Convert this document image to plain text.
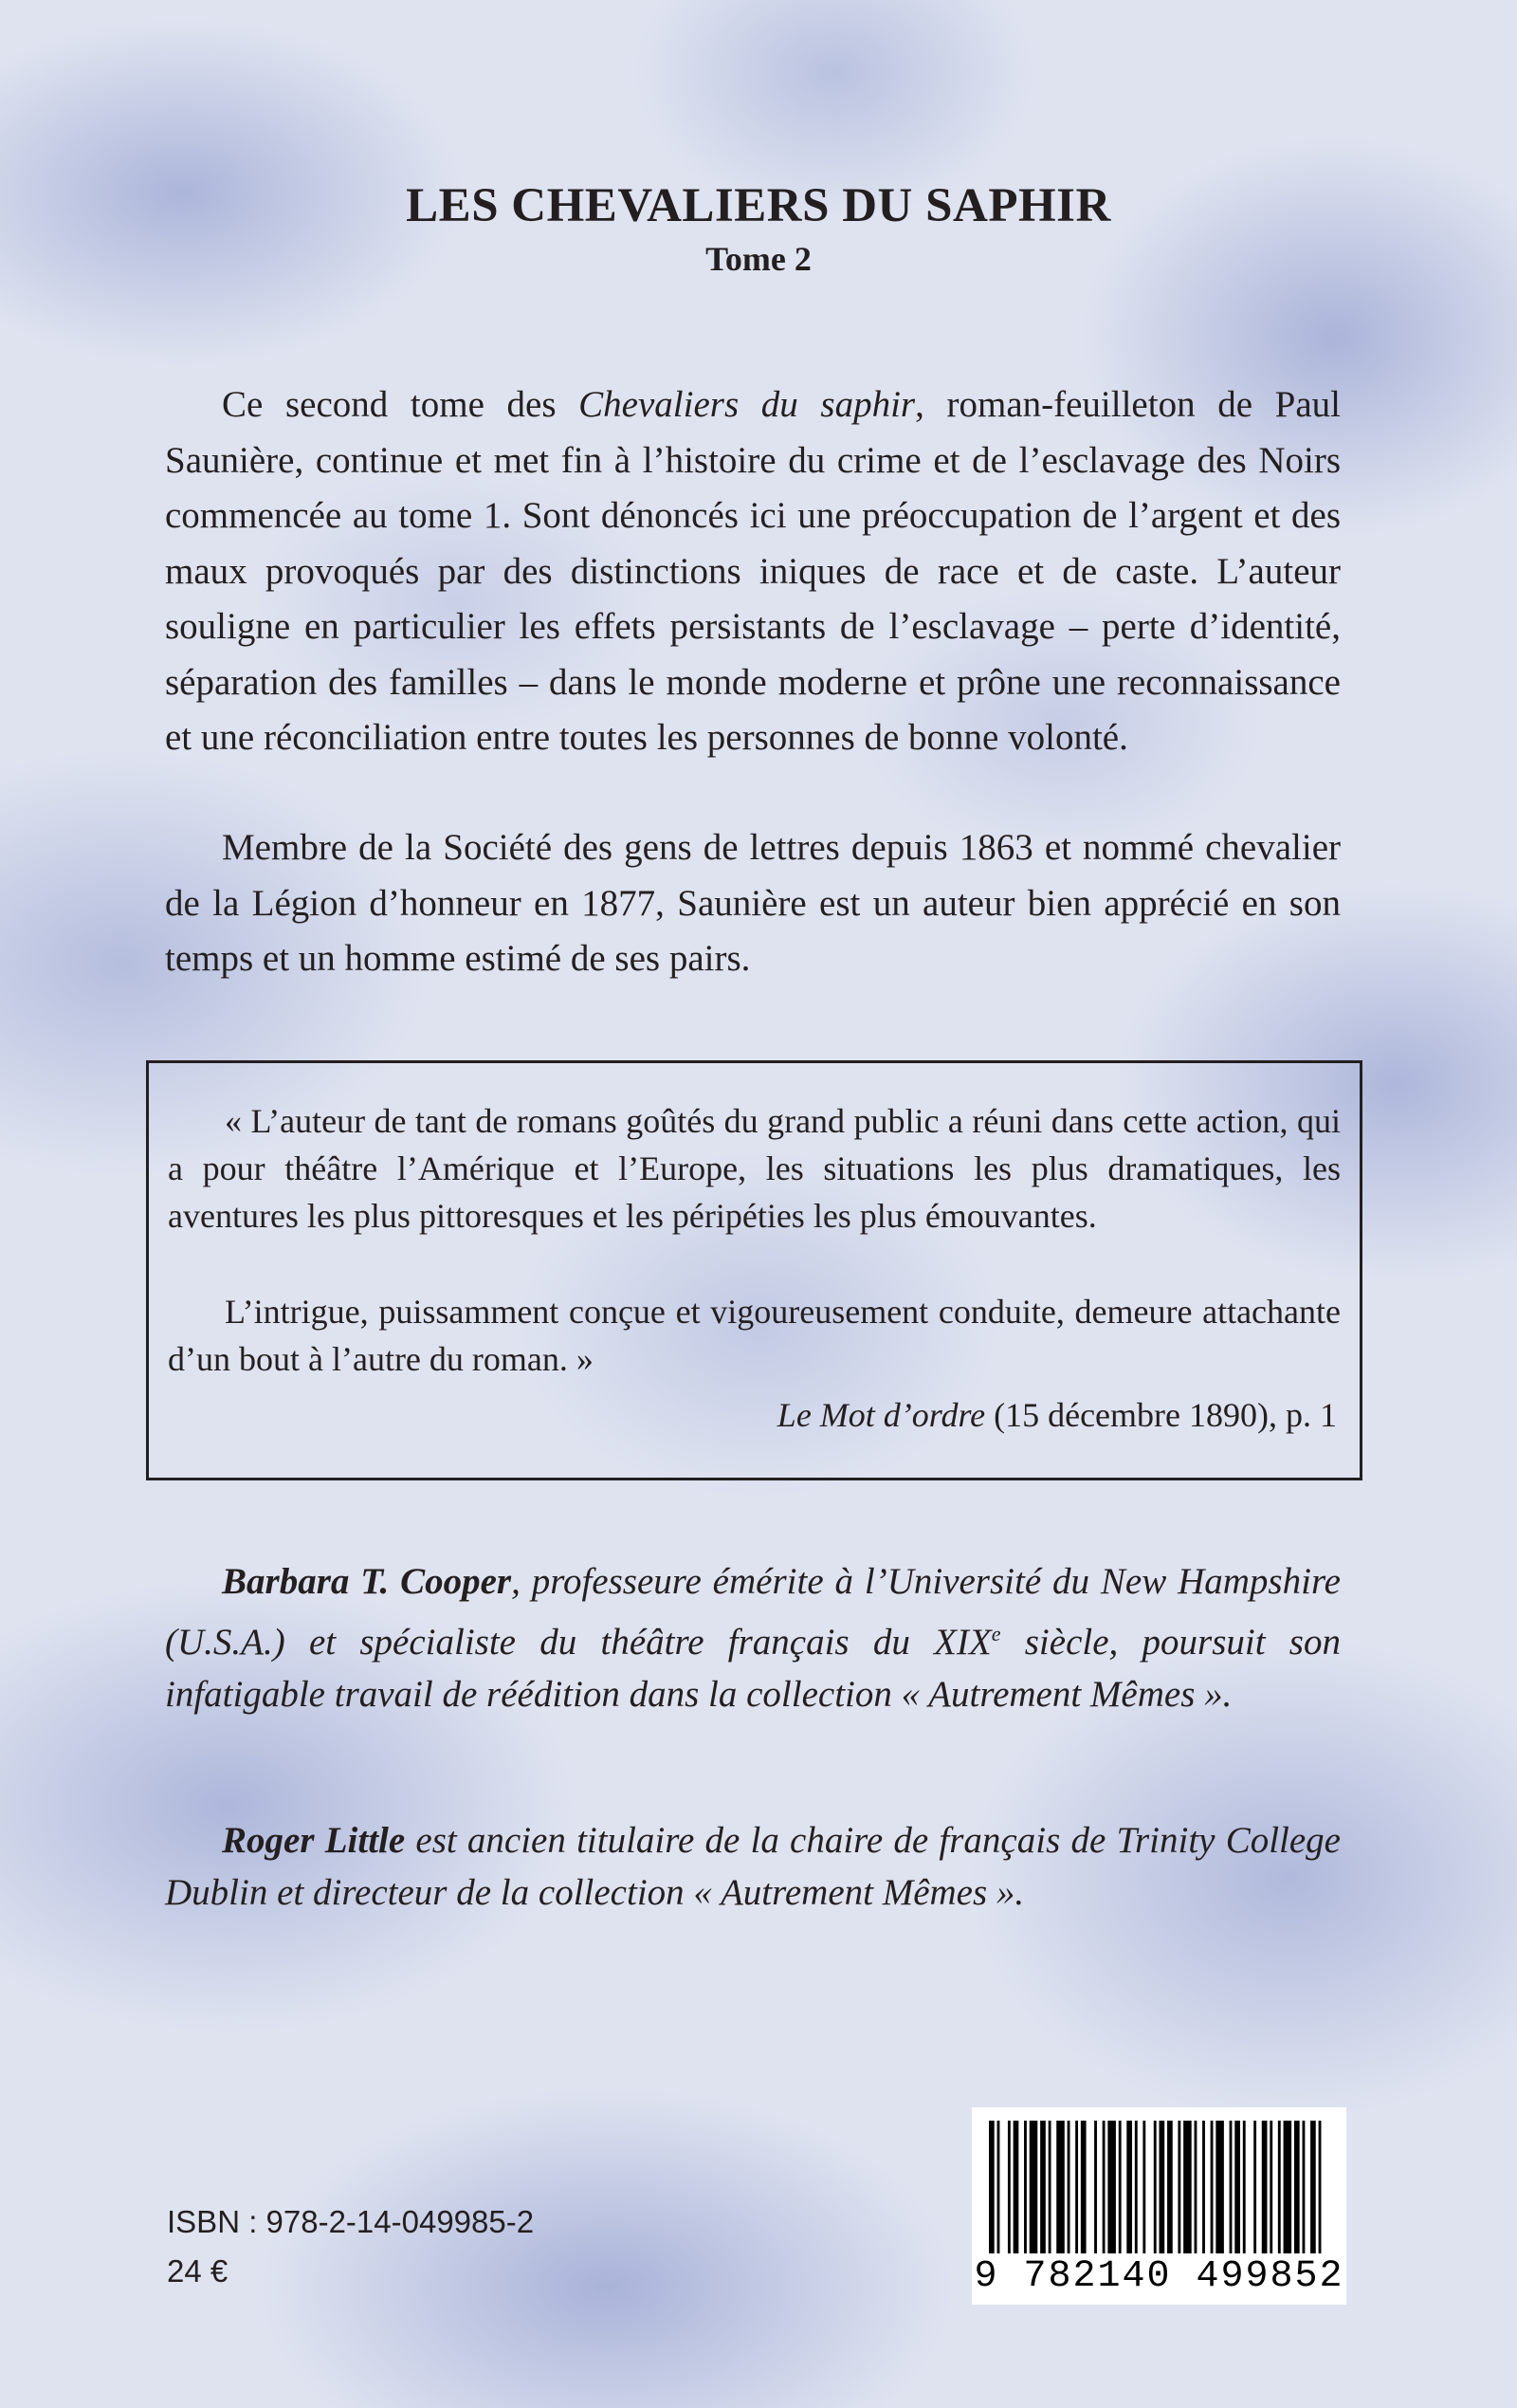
LES CHEVALIERS DU SAPHIR
Tome 2

Ce second tome des Chevaliers du saphir, roman-feuilleton de Paul Saunière, continue et met fin à l’histoire du crime et de l’esclavage des Noirs commencée au tome 1. Sont dénoncés ici une préoccupation de l’argent et des maux provoqués par des distinctions iniques de race et de caste. L’auteur souligne en particulier les effets persistants de l’esclavage – perte d’identité, séparation des familles – dans le monde moderne et prône une reconnaissance et une réconciliation entre toutes les personnes de bonne volonté.

Membre de la Société des gens de lettres depuis 1863 et nommé chevalier de la Légion d’honneur en 1877, Saunière est un auteur bien apprécié en son temps et un homme estimé de ses pairs.

« L’auteur de tant de romans goûtés du grand public a réuni dans cette action, qui a pour théâtre l’Amérique et l’Europe, les situations les plus dramatiques, les aventures les plus pittoresques et les péripéties les plus émouvantes.

L’intrigue, puissamment conçue et vigoureusement conduite, demeure attachante d’un bout à l’autre du roman. »

Le Mot d’ordre (15 décembre 1890), p. 1

Barbara T. Cooper, professeure émérite à l’Université du New Hampshire (U.S.A.) et spécialiste du théâtre français du XIXe siècle, poursuit son infatigable travail de réédition dans la collection « Autrement Mêmes ».

Roger Little est ancien titulaire de la chaire de français de Trinity College Dublin et directeur de la collection « Autrement Mêmes ».

ISBN : 978-2-14-049985-2

24 €	9 782140 499852
